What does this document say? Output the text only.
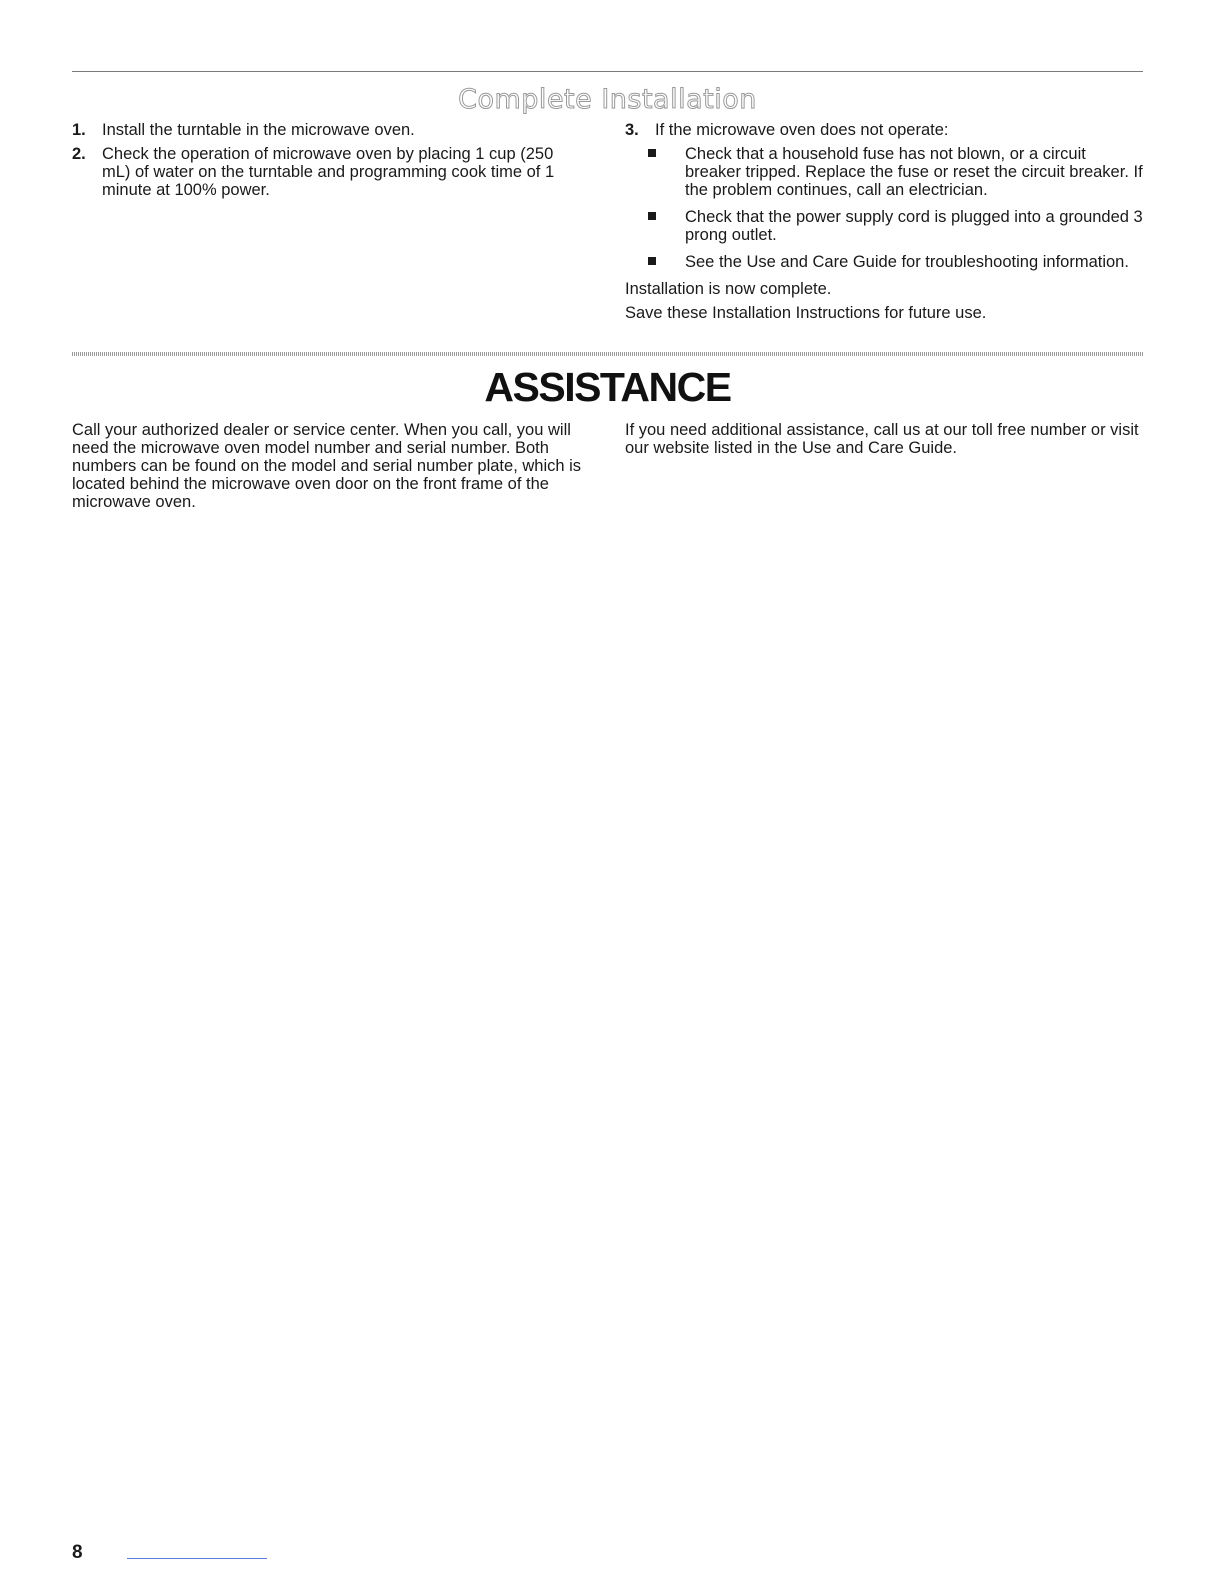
Complete Installation
1. Install the turntable in the microwave oven.
2. Check the operation of microwave oven by placing 1 cup (250 mL) of water on the turntable and programming cook time of 1 minute at 100% power.
3. If the microwave oven does not operate:
Check that a household fuse has not blown, or a circuit breaker tripped. Replace the fuse or reset the circuit breaker. If the problem continues, call an electrician.
Check that the power supply cord is plugged into a grounded 3 prong outlet.
See the Use and Care Guide for troubleshooting information.

Installation is now complete.

Save these Installation Instructions for future use.

ASSISTANCE
Call your authorized dealer or service center. When you call, you will need the microwave oven model number and serial number. Both numbers can be found on the model and serial number plate, which is located behind the microwave oven door on the front frame of the microwave oven.
If you need additional assistance, call us at our toll free number or visit our website listed in the Use and Care Guide.
8
